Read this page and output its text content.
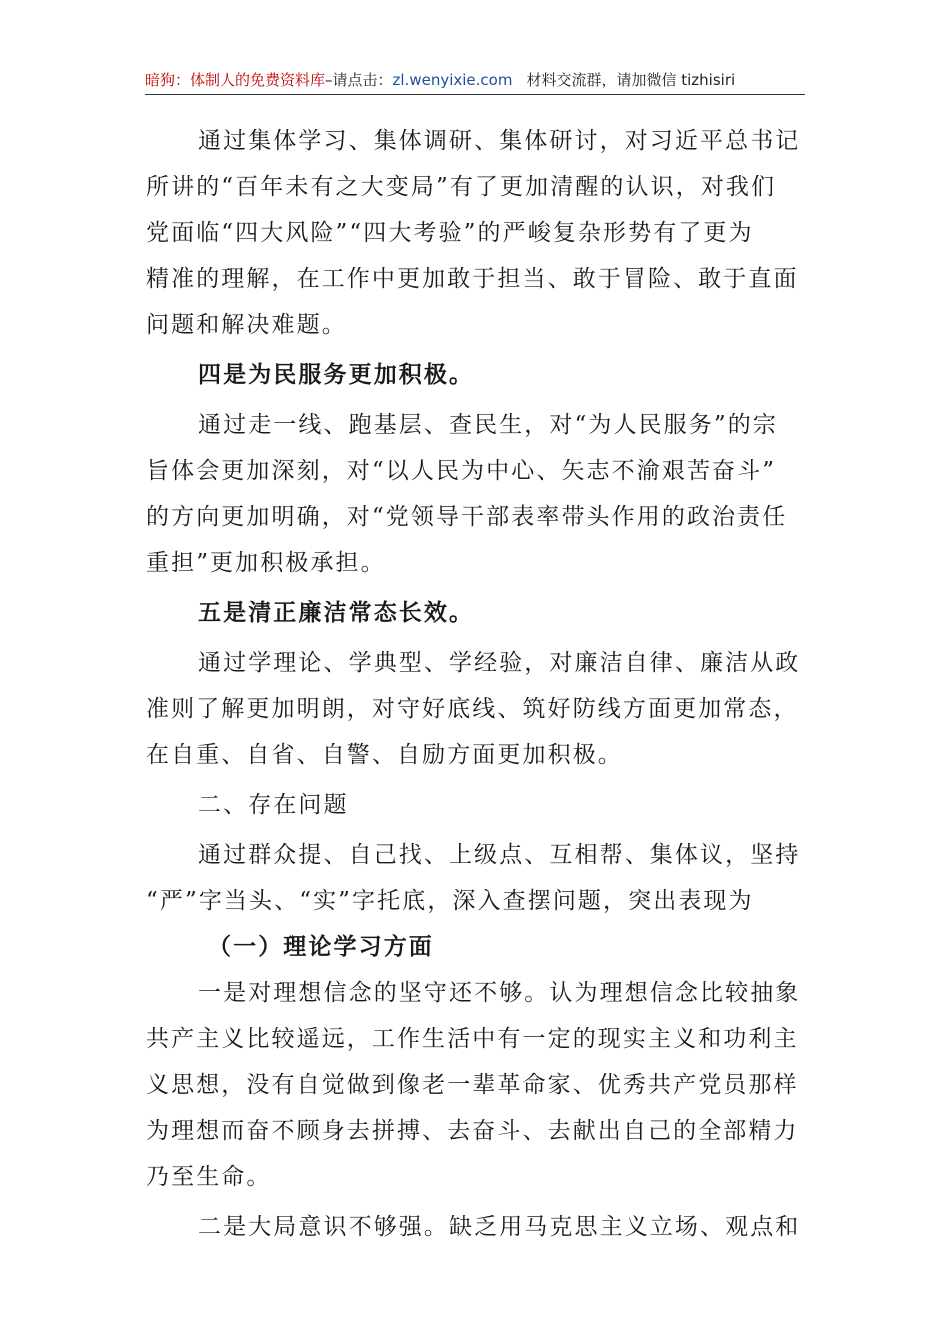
暗狗：体制人的免费资料库–请点击：zl.wenyixie.com 材料交流群，请加微信 tizhisiri
通过集体学习、集体调研、集体研讨，对习近平总书记
所讲的“百年未有之大变局”有了更加清醒的认识，对我们
党面临“四大风险”“四大考验”的严峻复杂形势有了更为
精准的理解，在工作中更加敢于担当、敢于冒险、敢于直面
问题和解决难题。
四是为民服务更加积极。
通过走一线、跑基层、查民生，对“为人民服务”的宗
旨体会更加深刻，对“以人民为中心、矢志不渝艰苦奋斗”
的方向更加明确，对“党领导干部表率带头作用的政治责任
重担”更加积极承担。
五是清正廉洁常态长效。
通过学理论、学典型、学经验，对廉洁自律、廉洁从政
准则了解更加明朗，对守好底线、筑好防线方面更加常态，
在自重、自省、自警、自励方面更加积极。
二、存在问题
通过群众提、自己找、上级点、互相帮、集体议，坚持
“严”字当头、“实”字托底，深入查摆问题，突出表现为
（一）理论学习方面
一是对理想信念的坚守还不够。认为理想信念比较抽象
共产主义比较遥远，工作生活中有一定的现实主义和功利主
义思想，没有自觉做到像老一辈革命家、优秀共产党员那样
为理想而奋不顾身去拼搏、去奋斗、去献出自己的全部精力
乃至生命。
二是大局意识不够强。缺乏用马克思主义立场、观点和
